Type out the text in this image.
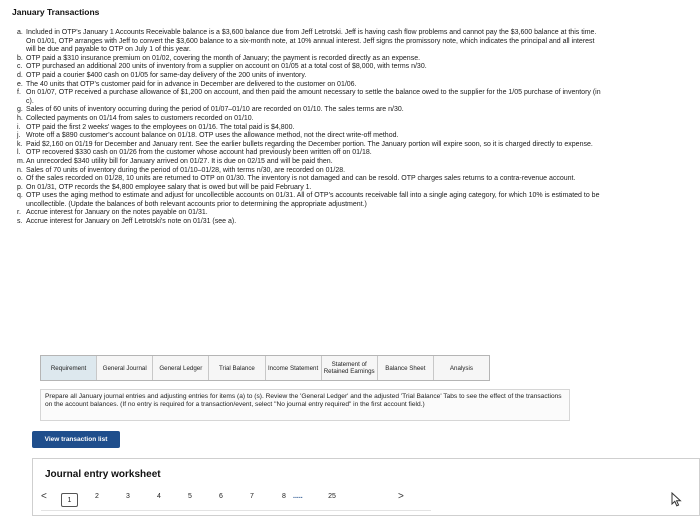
January Transactions
a. Included in OTP's January 1 Accounts Receivable balance is a $3,600 balance due from Jeff Letrotski. Jeff is having cash flow problems and cannot pay the $3,600 balance at this time. On 01/01, OTP arranges with Jeff to convert the $3,600 balance to a six-month note, at 10% annual interest. Jeff signs the promissory note, which indicates the principal and all interest will be due and payable to OTP on July 1 of this year.
b. OTP paid a $310 insurance premium on 01/02, covering the month of January; the payment is recorded directly as an expense.
c. OTP purchased an additional 200 units of inventory from a supplier on account on 01/05 at a total cost of $8,000, with terms n/30.
d. OTP paid a courier $400 cash on 01/05 for same-day delivery of the 200 units of inventory.
e. The 40 units that OTP's customer paid for in advance in December are delivered to the customer on 01/06.
f. On 01/07, OTP received a purchase allowance of $1,200 on account, and then paid the amount necessary to settle the balance owed to the supplier for the 1/05 purchase of inventory (in c).
g. Sales of 60 units of inventory occurring during the period of 01/07–01/10 are recorded on 01/10. The sales terms are n/30.
h. Collected payments on 01/14 from sales to customers recorded on 01/10.
i. OTP paid the first 2 weeks' wages to the employees on 01/16. The total paid is $4,800.
j. Wrote off a $890 customer's account balance on 01/18. OTP uses the allowance method, not the direct write-off method.
k. Paid $2,160 on 01/19 for December and January rent. See the earlier bullets regarding the December portion. The January portion will expire soon, so it is charged directly to expense.
l. OTP recovered $330 cash on 01/26 from the customer whose account had previously been written off on 01/18.
m. An unrecorded $340 utility bill for January arrived on 01/27. It is due on 02/15 and will be paid then.
n. Sales of 70 units of inventory during the period of 01/10–01/28, with terms n/30, are recorded on 01/28.
o. Of the sales recorded on 01/28, 10 units are returned to OTP on 01/30. The inventory is not damaged and can be resold. OTP charges sales returns to a contra-revenue account.
p. On 01/31, OTP records the $4,800 employee salary that is owed but will be paid February 1.
q. OTP uses the aging method to estimate and adjust for uncollectible accounts on 01/31. All of OTP's accounts receivable fall into a single aging category, for which 10% is estimated to be uncollectible. (Update the balances of both relevant accounts prior to determining the appropriate adjustment.)
r. Accrue interest for January on the notes payable on 01/31.
s. Accrue interest for January on Jeff Letrotski's note on 01/31 (see a).
Requirement	General Journal	General Ledger	Trial Balance	Income Statement	Statement of Retained Earnings	Balance Sheet	Analysis
Prepare all January journal entries and adjusting entries for items (a) to (s). Review the 'General Ledger' and the adjusted 'Trial Balance' Tabs to see the effect of the transactions on the account balances. (If no entry is required for a transaction/event, select "No journal entry required" in the first account field.)
View transaction list
Journal entry worksheet
<	1	2	3	4	5	6	7	8	.....	25	>
